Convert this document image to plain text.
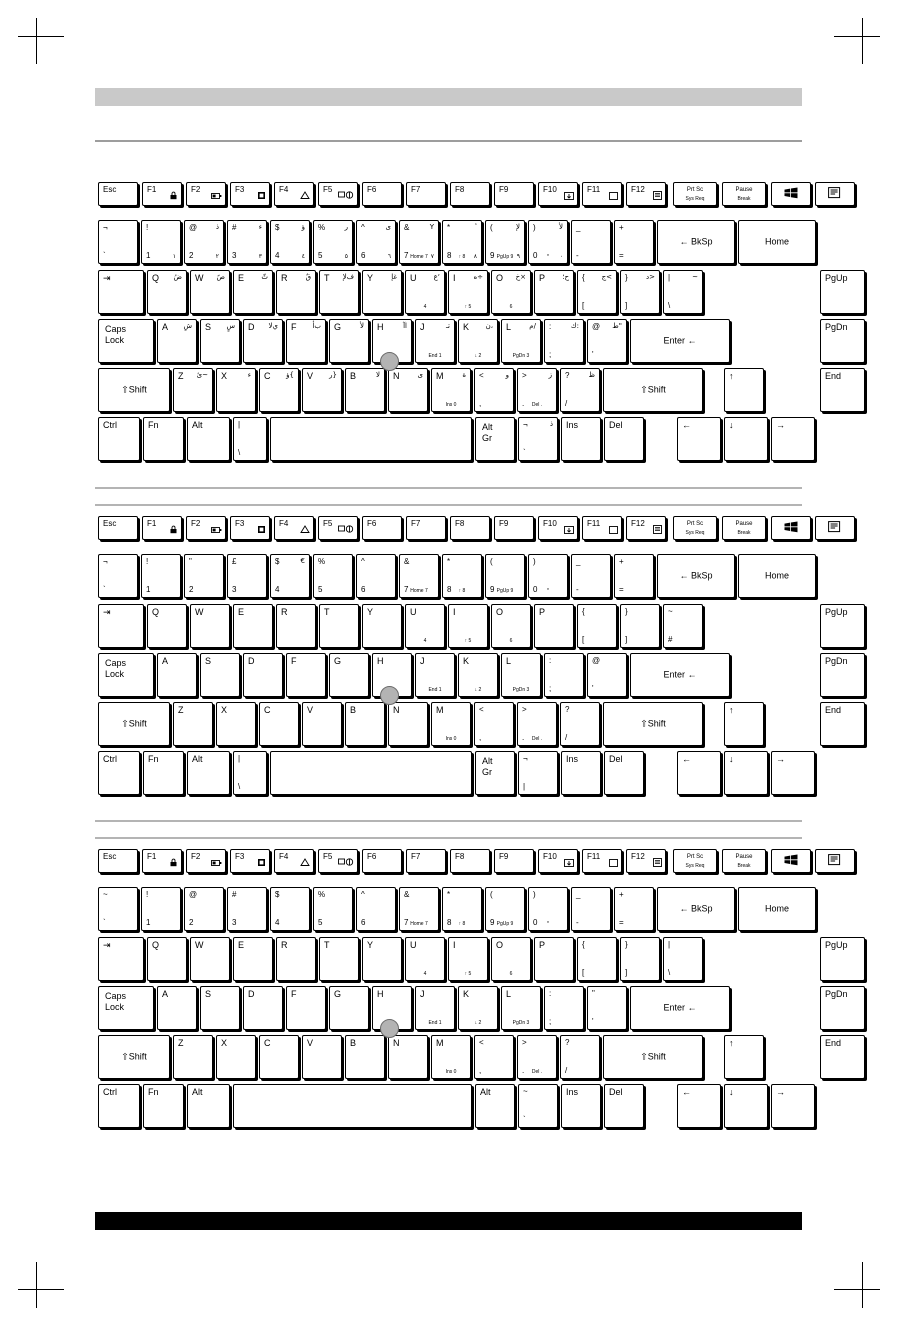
Esc	F1	F2	F3	F4	F5	F6	F7	F8	F9	F10	F11	F12	Prt Sc
Sys Req
Pause
Break
¬
`
!
1	١
@
2
ذ
٢
#
3
ء
٣
$
4
ؤ
٤
%
5
ر
٥
^
6
ى
٦
&
7
Y
٧
Home 7
*
8
ٴ
٨
↑ 8
(
9
ﻹ
٩
PgUp 9
)
0
ﻷ
٠
*
_
-
+
=
← BkSp	Home
⇥	Q ضُ W صً E ثّ R	قٌ T فﻹ Y	غإ U ع‘
4
I	ه÷
↑ 5
O خ×
6
P ح؛ {
[
ج< }
]
د> |
\
~	PgUp
Caps
Lock
A شِ S سٍ D يﻻ F بﺃ G	لأ H	اآ J	تـ
End 1
K ن،
↓ 2
L	م/
PgDn 3
:
;
ك: @
'
ط"
Enter ←
PgDn
⇧Shift
Z ئ~ X	ء C ؤ{ V ر} B	لا N	ى M	ة
Ins 0
<
,
و >
.
ز
Del .
?
/
ظ
⇧Shift
↑	End
Ctrl	Fn	Alt	|
\
Alt
Gr
¬
`
ذ Ins	Del	←	↓	→
Esc	F1	F2	F3	F4	F5	F6	F7	F8	F9	F10	F11	F12	Prt Sc
Sys Req
Pause
Break
¬
`
!
1
"
2
£
3
$
4
€ %
5
^
6
&
7 Home 7
*
8	↑ 8
(
9 PgUp 9
)
0	*
_
-
+
=
← BkSp	Home
⇥	Q	W	E	R	T	Y	U
4
I
↑ 5
O
6
P	{
[
}
]
~
#
PgUp
Caps
Lock
A	S	D	F	G	H	J
End 1
K
↓ 2
L
PgDn 3
:
;
@
'
Enter ←
PgDn
⇧Shift
Z	X	C	V	B	N	M
Ins 0
<
,
>
.	Del .
?
/
⇧Shift
↑	End
Ctrl	Fn	Alt	|
\
Alt
Gr
¬
|
Ins	Del	←	↓	→
Esc	F1	F2	F3	F4	F5	F6	F7	F8	F9	F10	F11	F12	Prt Sc
Sys Req
Pause
Break
~
`
!
1
@
2
#
3
$
4
%
5
^
6
&
7 Home 7
*
8	↑ 8
(
9 PgUp 9
)
0	*
_
-
+
=
← BkSp	Home
⇥	Q	W	E	R	T	Y	U
4
I
↑ 5
O
6
P	{
[
}
]
|
\
PgUp
Caps
Lock
A	S	D	F	G	H	J
End 1
K
↓ 2
L
PgDn 3
:
;
"
'
Enter ←
PgDn
⇧Shift
Z	X	C	V	B	N	M
Ins 0
<
,
>
.	Del .
?
/
⇧Shift
↑	End
Ctrl	Fn	Alt	Alt	~
`
Ins	Del	←	↓	→
